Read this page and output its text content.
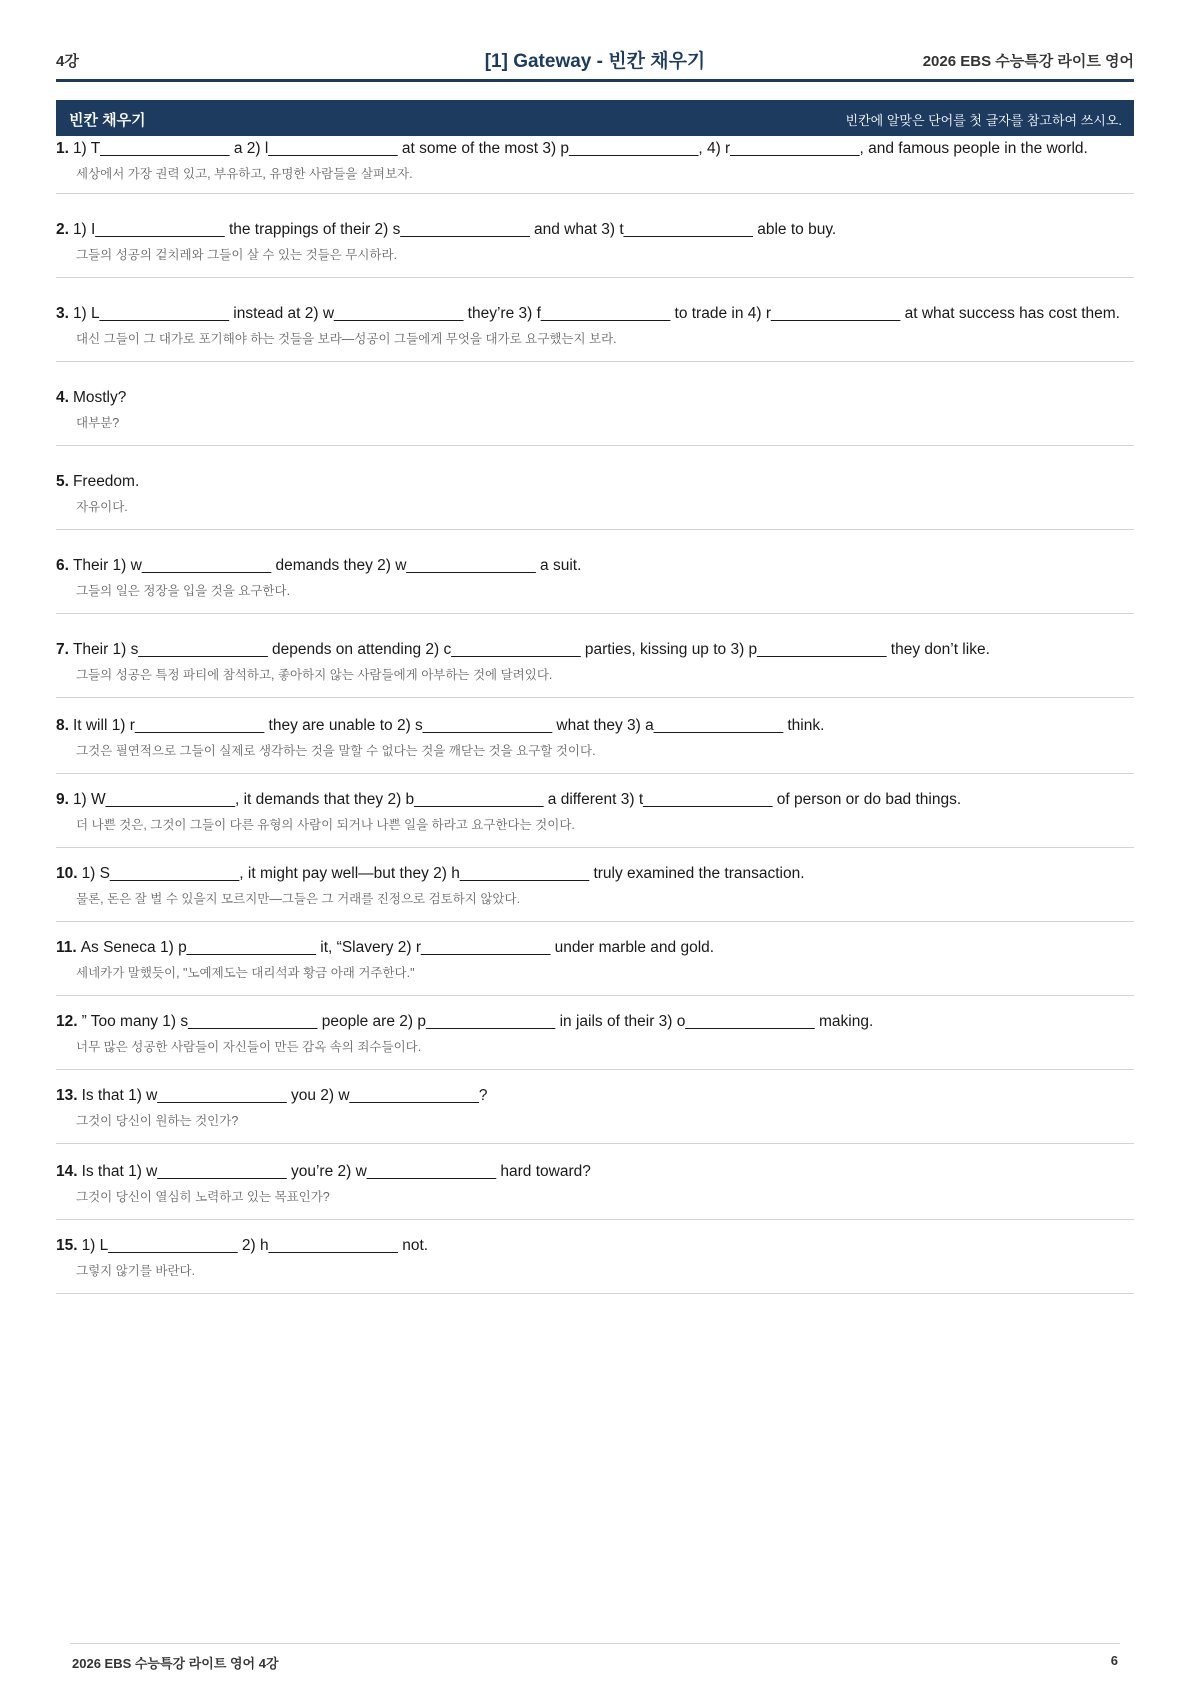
4강	[1] Gateway - 빈칸 채우기	2026 EBS 수능특강 라이트 영어
빈칸 채우기	빈칸에 알맞은 단어를 첫 글자를 참고하여 쓰시오.
1. 1) T_______________ a 2) l_______________ at some of the most 3) p_______________, 4) r_______________, and famous people in the world.
세상에서 가장 권력 있고, 부유하고, 유명한 사람들을 살펴보자.
2. 1) I_______________ the trappings of their 2) s_______________ and what 3) t_______________ able to buy.
그들의 성공의 겉치레와 그들이 살 수 있는 것들은 무시하라.
3. 1) L_______________ instead at 2) w_______________ they’re 3) f_______________ to trade in 4) r_______________ at what success has cost them.
대신 그들이 그 대가로 포기해야 하는 것들을 보라—성공이 그들에게 무엇을 대가로 요구했는지 보라.
4. Mostly?
대부분?
5. Freedom.
자유이다.
6. Their 1) w_______________ demands they 2) w_______________ a suit.
그들의 일은 정장을 입을 것을 요구한다.
7. Their 1) s_______________ depends on attending 2) c_______________ parties, kissing up to 3) p_______________ they don’t like.
그들의 성공은 특정 파티에 참석하고, 좋아하지 않는 사람들에게 아부하는 것에 달려있다.
8. It will 1) r_______________ they are unable to 2) s_______________ what they 3) a_______________ think.
그것은 필연적으로 그들이 실제로 생각하는 것을 말할 수 없다는 것을 깨닫는 것을 요구할 것이다.
9. 1) W_______________, it demands that they 2) b_______________ a different 3) t_______________ of person or do bad things.
더 나쁜 것은, 그것이 그들이 다른 유형의 사람이 되거나 나쁜 일을 하라고 요구한다는 것이다.
10. 1) S_______________, it might pay well—but they 2) h_______________ truly examined the transaction.
물론, 돈은 잘 벌 수 있을지 모르지만—그들은 그 거래를 진정으로 검토하지 않았다.
11. As Seneca 1) p_______________ it, “Slavery 2) r_______________ under marble and gold.
세네카가 말했듯이, "노예제도는 대리석과 황금 아래 거주한다."
12. ” Too many 1) s_______________ people are 2) p_______________ in jails of their 3) o_______________ making.
너무 많은 성공한 사람들이 자신들이 만든 감옥 속의 죄수들이다.
13. Is that 1) w_______________ you 2) w_______________?
그것이 당신이 원하는 것인가?
14. Is that 1) w_______________ you’re 2) w_______________ hard toward?
그것이 당신이 열심히 노력하고 있는 목표인가?
15. 1) L_______________ 2) h_______________ not.
그렇지 않기를 바란다.
2026 EBS 수능특강 라이트 영어 4강	6
